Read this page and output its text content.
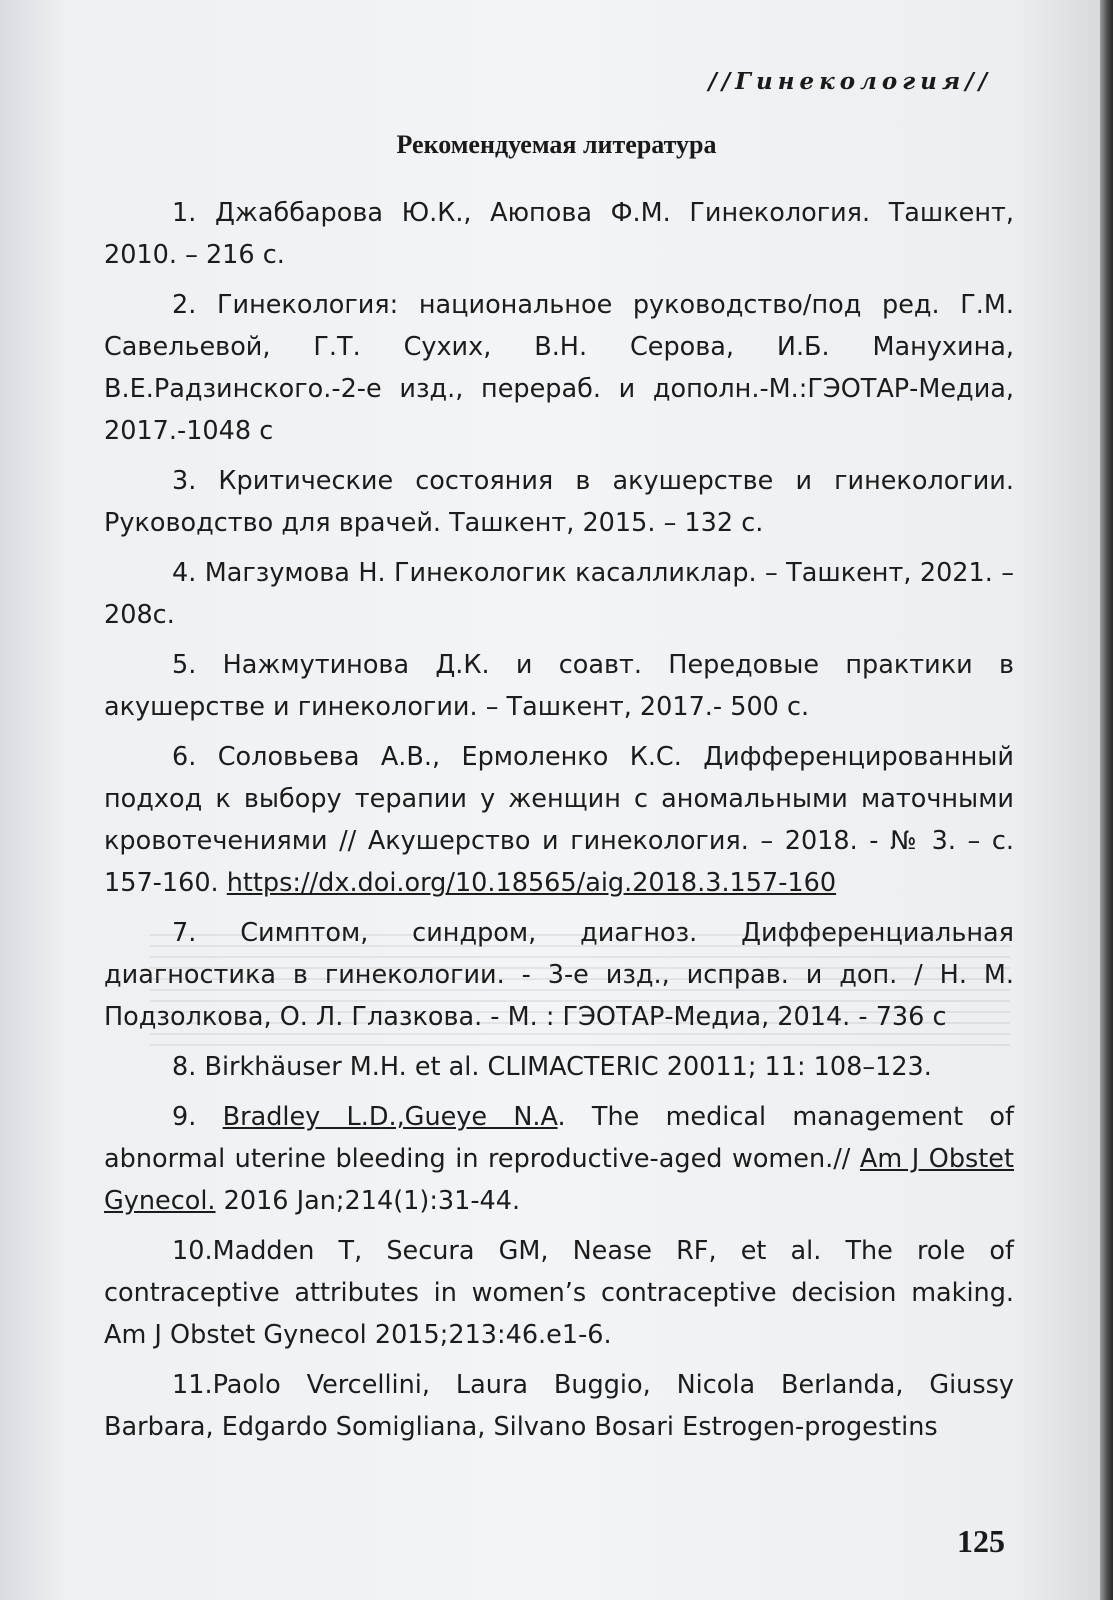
//Гинекология//
Рекомендуемая литература

1. Джаббарова Ю.К., Аюпова Ф.М. Гинекология. Ташкент, 2010. – 216 с.

2. Гинекология: национальное руководство/под ред. Г.М. Савельевой, Г.Т. Сухих, В.Н. Серова, И.Б. Манухина, В.Е.Радзинского.-2-е изд., перераб. и дополн.-М.:ГЭОТАР-Медиа, 2017.-1048 с

3. Критические состояния в акушерстве и гинекологии. Руководство для врачей. Ташкент, 2015. – 132 с.

4. Магзумова Н. Гинекологик касалликлар. – Ташкент, 2021. – 208с.

5. Нажмутинова Д.К. и соавт. Передовые практики в акушерстве и гинекологии. – Ташкент, 2017.- 500 с.

6. Соловьева А.В., Ермоленко К.С. Дифференцированный подход к выбору терапии у женщин с аномальными маточными кровотечениями // Акушерство и гинекология. – 2018. - № 3. – с. 157-160. https://dx.doi.org/10.18565/aig.2018.3.157-160

7. Симптом, синдром, диагноз. Дифференциальная диагностика в гинекологии. - 3-е изд., исправ. и доп. / Н. М. Подзолкова, О. Л. Глазкова. - М. : ГЭОТАР-Медиа, 2014. - 736 с

8. Birkhäuser M.H. et al. CLIMACTERIC 20011; 11: 108–123.

9. Bradley L.D.,Gueye N.A. The medical management of abnormal uterine bleeding in reproductive-aged women.// Am J Obstet Gynecol. 2016 Jan;214(1):31-44.

10.Madden T, Secura GM, Nease RF, et al. The role of contraceptive attributes in women’s contraceptive decision making. Am J Obstet Gynecol 2015;213:46.e1-6.

11.Paolo Vercellini, Laura Buggio, Nicola Berlanda, Giussy Barbara, Edgardo Somigliana, Silvano Bosari Estrogen-progestins

125
